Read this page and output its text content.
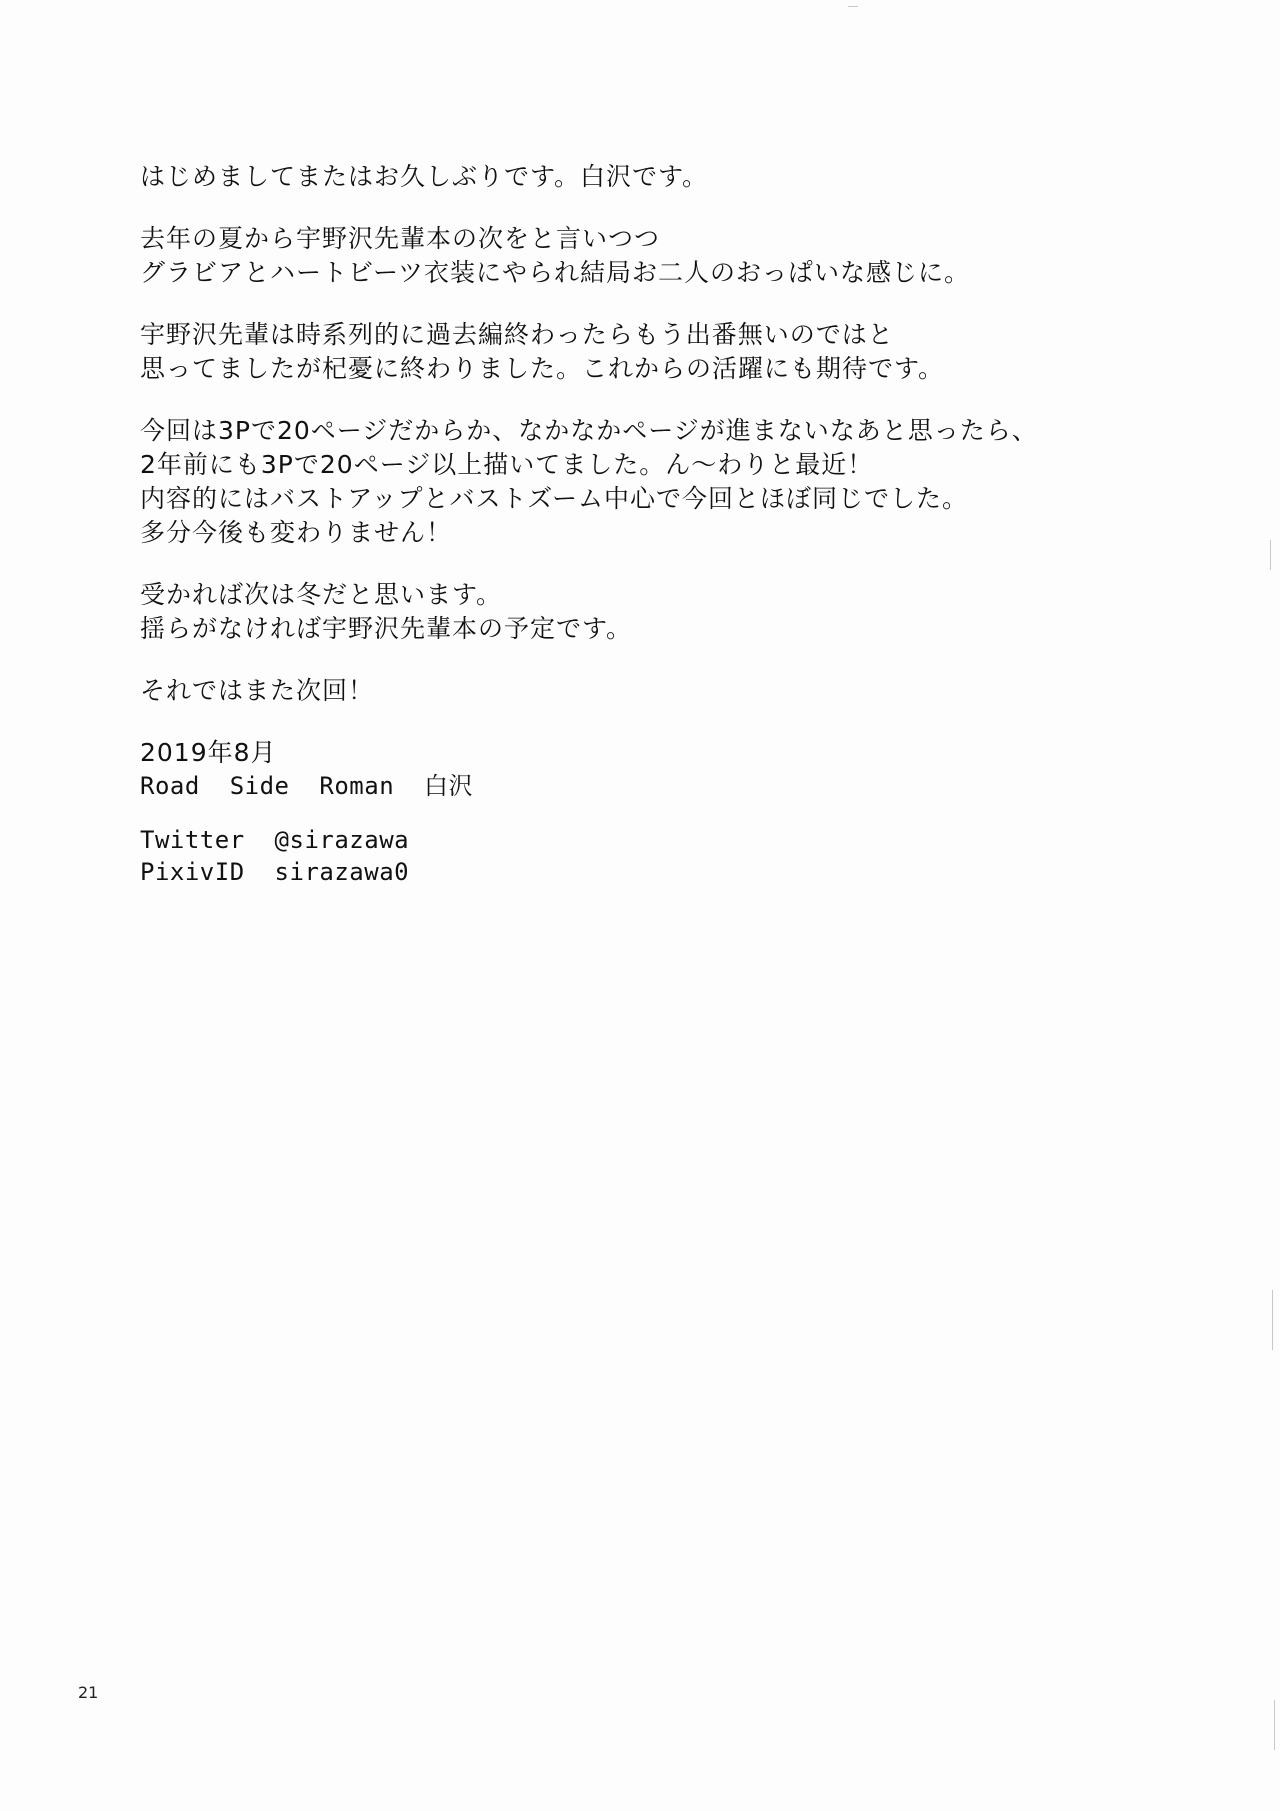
はじめましてまたはお久しぶりです。白沢です。
去年の夏から宇野沢先輩本の次をと言いつつ
グラビアとハートビーツ衣装にやられ結局お二人のおっぱいな感じに。
宇野沢先輩は時系列的に過去編終わったらもう出番無いのではと
思ってましたが杞憂に終わりました。これからの活躍にも期待です。
今回は3Pで20ページだからか、なかなかページが進まないなあと思ったら、
2年前にも3Pで20ページ以上描いてました。ん〜わりと最近！
内容的にはバストアップとバストズーム中心で今回とほぼ同じでした。
多分今後も変わりません！
受かれば次は冬だと思います。
揺らがなければ宇野沢先輩本の予定です。
それではまた次回！
2019年8月
Road  Side  Roman  白沢
Twitter  @sirazawa
PixivID  sirazawa0
21
